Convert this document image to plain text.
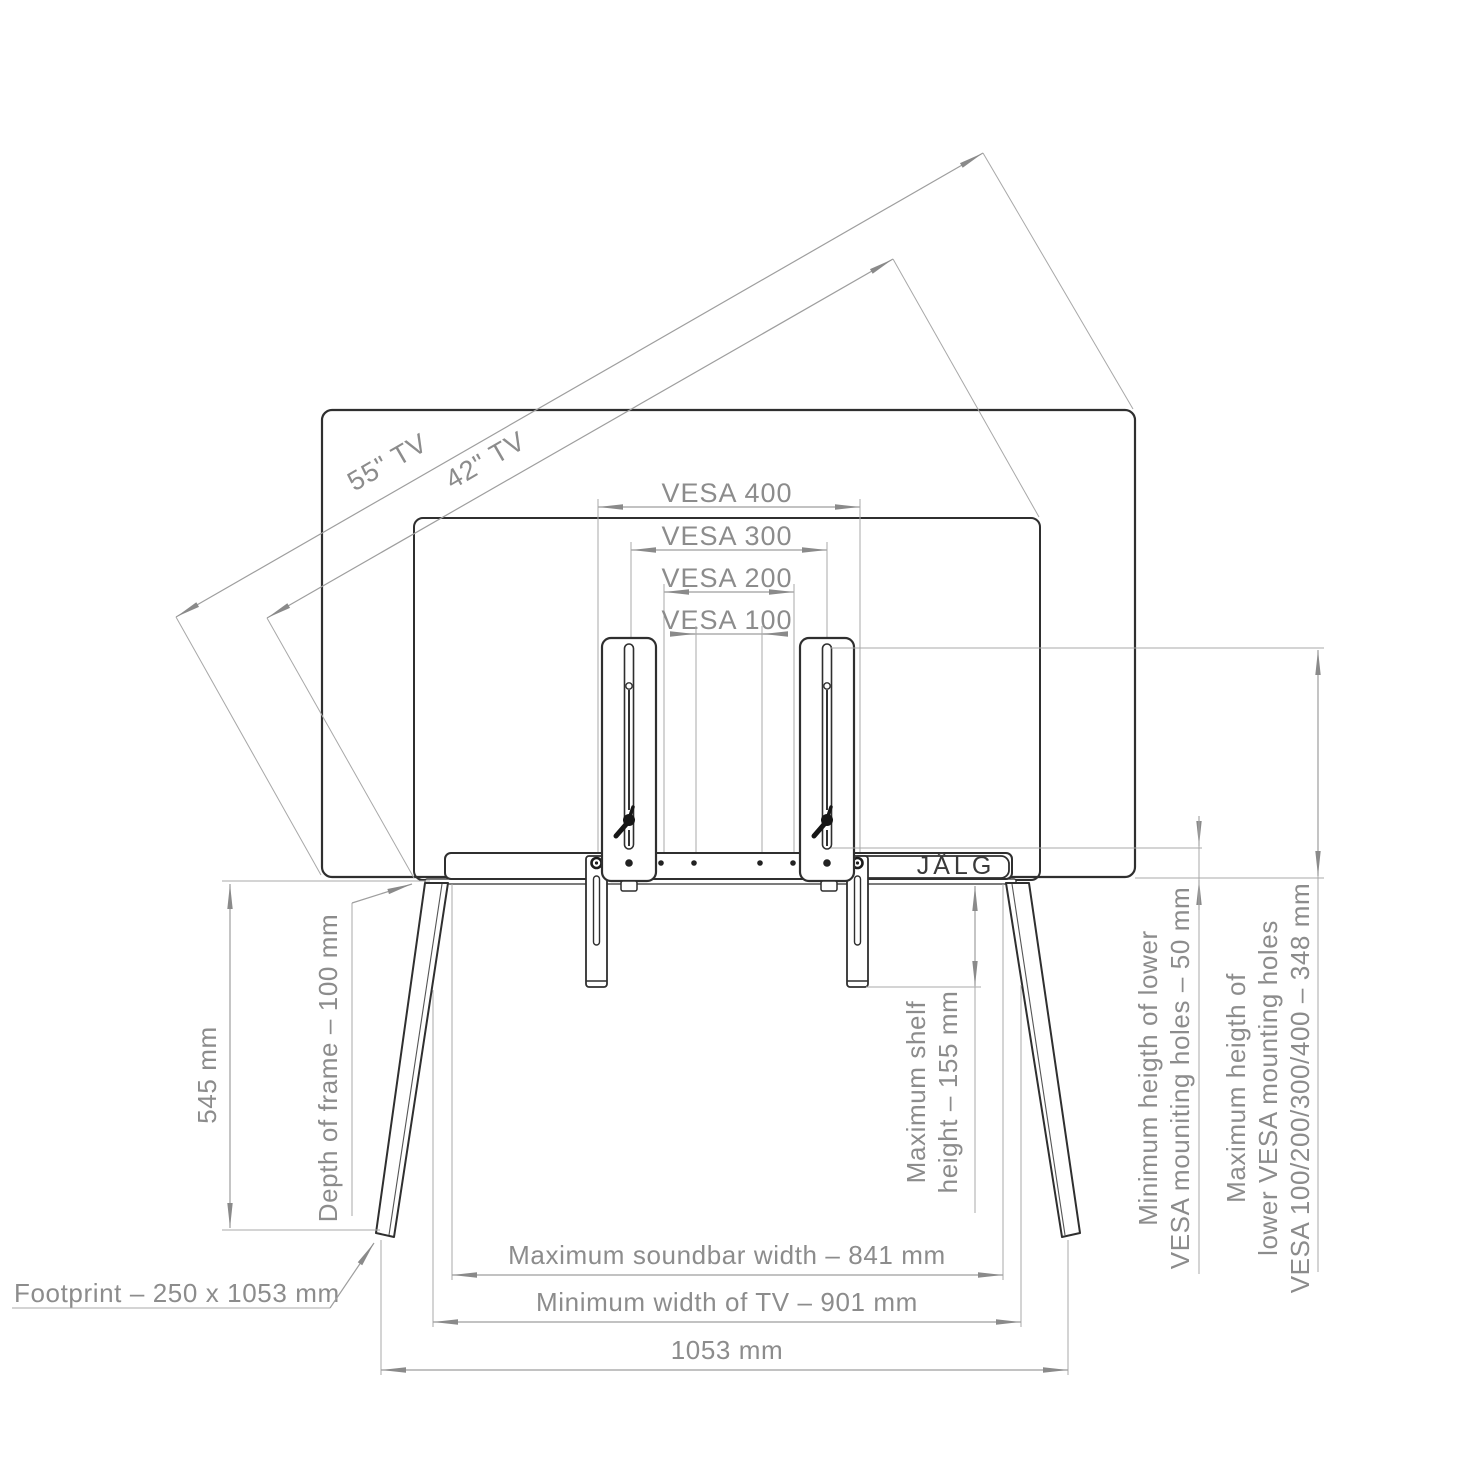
55" TV 42" TV	VESA 400
VESA 300
VESA 200
VESA 100
JÂLG
545 mm	Depth of frame – 100 mm	Maximum shelf height – 155 mm	Minimum heigth of lower VESA mouniting holes – 50 mm Maximum heigth of lower VESA mounting holes VESA 100/200/300/400 – 348 mm
Maximum soundbar width – 841 mm
Minimum width of TV – 901 mm
1053 mm
Footprint – 250 x 1053 mm
